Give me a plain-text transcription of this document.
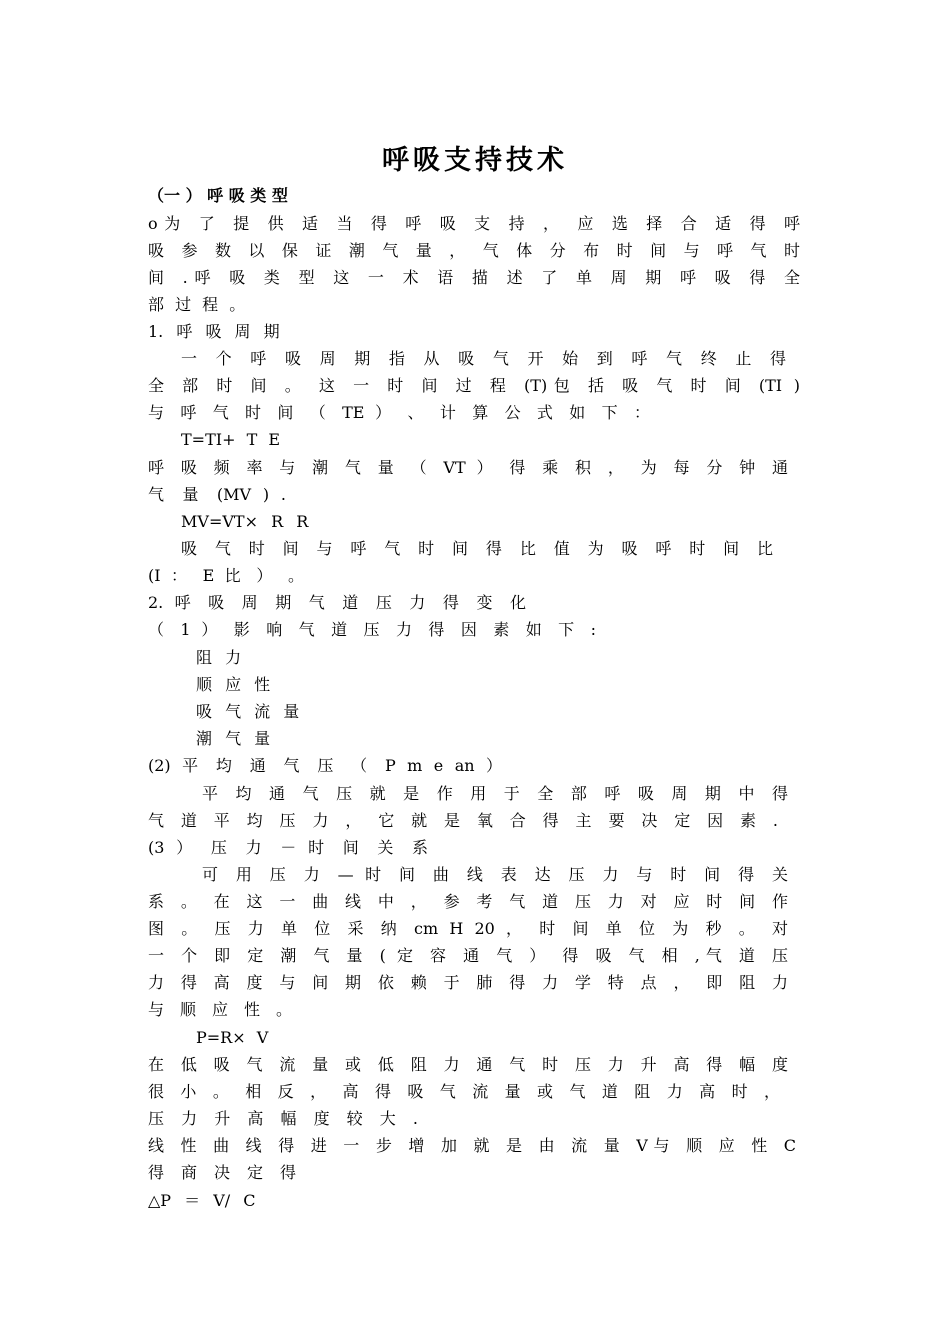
呼吸支持技术
（一 ） 呼 吸 类 型
ο为 了 提 供 适 当 得 呼 吸 支 持 ， 应 选 择 合 适 得 呼
吸 参 数 以 保 证 潮 气 量 ， 气 体 分 布 时 间 与 呼 气 时
间 .呼 吸 类 型 这 一 术 语 描 述 了 单 周 期 呼 吸 得 全
部 过 程 。
1. 呼 吸 周 期
一 个 呼 吸 周 期 指 从 吸 气 开 始 到 呼 气 终 止 得
全 部 时 间 。 这 一 时 间 过 程 (T)包 括 吸 气 时 间 (TI )
与 呼 气 时 间 （ TE ） 、 计 算 公 式 如 下 ：
T=TI+ T E
呼 吸 频 率 与 潮 气 量 （ VT ） 得 乘 积 ， 为 每 分 钟 通
气 量 (MV ) .
MV=VT× R R
吸 气 时 间 与 呼 气 时 间 得 比 值 为 吸 呼 时 间 比
(I ： E 比 ） 。
2. 呼 吸 周 期 气 道 压 力 得 变 化
（ 1 ） 影 响 气 道 压 力 得 因 素 如 下 :
阻 力
顺 应 性
吸 气 流 量
潮 气 量
(2) 平 均 通 气 压 （ P m e an ）
平 均 通 气 压 就 是 作 用 于 全 部 呼 吸 周 期 中 得
气 道 平 均 压 力 ， 它 就 是 氧 合 得 主 要 决 定 因 素 .
(3 ） 压 力 － 时 间 关 系
可 用 压 力 — 时 间 曲 线 表 达 压 力 与 时 间 得 关
系 。 在 这 一 曲 线 中 ， 参 考 气 道 压 力 对 应 时 间 作
图 。 压 力 单 位 采 纳 cm H 20 ， 时 间 单 位 为 秒 。 对
一 个 即 定 潮 气 量 ( 定 容 通 气 ） 得 吸 气 相 ,气 道 压
力 得 高 度 与 间 期 依 赖 于 肺 得 力 学 特 点 ， 即 阻 力
与 顺 应 性 。
P=R× V
在 低 吸 气 流 量 或 低 阻 力 通 气 时 压 力 升 高 得 幅 度
很 小 。 相 反 ， 高 得 吸 气 流 量 或 气 道 阻 力 高 时 ，
压 力 升 高 幅 度 较 大 .
线 性 曲 线 得 进 一 步 增 加 就 是 由 流 量 V与 顺 应 性 C
得 商 决 定 得
△P ＝ V/ C
